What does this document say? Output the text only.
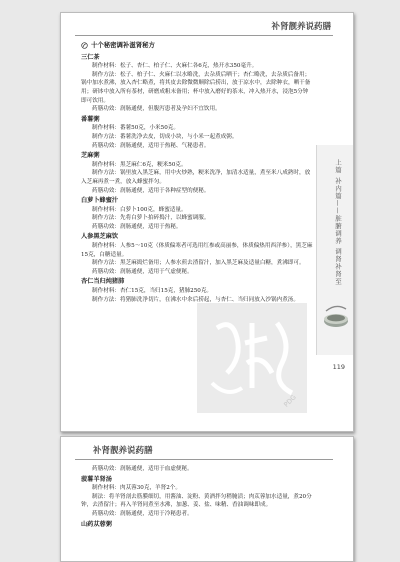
补肾靓养说药膳
十个秘密调补滋肾秘方
三仁茶

制作材料：松子、杏仁、柏子仁、火麻仁各6克，热开水350毫升。

制作方法：松子、柏子仁、火麻仁以水略洗，去杂质后晒干；杏仁略洗，去杂质后备用；锅中加水煮沸，放入杏仁略煮，将其皮去除微微顺除后捞出，放于凉水中，去除种衣，晒干备用；研钵中放入所有茶材，研磨成粗末备用；杯中放入磨好的茶末，冲入热开水，浸泡5分钟即可饮用。

药膳功效：润肠通便，但腹泻患者及孕妇不宜饮用。

番薯粥

制作材料：番薯50克，小米50克。

制作方法：番薯洗净去皮，切成小块，与小米一起煮成粥。

药膳功效：润肠通便，适用于热秘、气秘患者。

芝麻粥

制作材料：黑芝麻仁6克，粳米50克。

制作方法：锅里放入黑芝麻，用中火炒熟，粳米洗净，加清水适量，煮至米八成熟时，放入芝麻再煮一煮，放入蜂蜜拌匀。

药膳功效：润肠通便，适用于各种症型的便秘。

白萝卜蜂蜜汁

制作材料：白萝卜100克，蜂蜜适量。

制作方法：先将白萝卜拍碎捣汁，以蜂蜜调服。

药膳功效：润肠通便，适用于热秘。

人参黑芝麻饮

制作材料：人参5～10克（体质偏寒者可选用红参或高丽参，体质偏热用西洋参），黑芝麻15克，白糖适量。

制作方法：黑芝麻捣烂备用；人参水煎去渣留汁，加入黑芝麻及适量白糖，煮沸即可。

药膳功效：润肠通便，适用于气虚便秘。

杏仁当归炖猪肺

制作材料：杏仁15克，当归15克，猪肺250克。

制作方法：将猪肺洗净切片，在沸水中汆后捞起，与杏仁、当归同放入沙锅内煮汤。

上篇 补内篇——脏腑调养 调肾补肾至
119
PDG
补肾靓养说药膳

药膳功效：润肠通便，适用于血虚便秘。

菠薯羊肾汤

制作材料：肉苁蓉30克，羊肾2个。

制法：将羊肾剖去筋膜细切，用酱油、淀粉、黄酒拌匀稍腌渍；肉苁蓉加水适量，煮20分钟，去渣留汁；再入羊肾同煮至水沸，加葱、姜、盐、味精、香油调味即成。

药膳功效：润肠通便，适用于冷秘患者。

山药苁蓉粥
